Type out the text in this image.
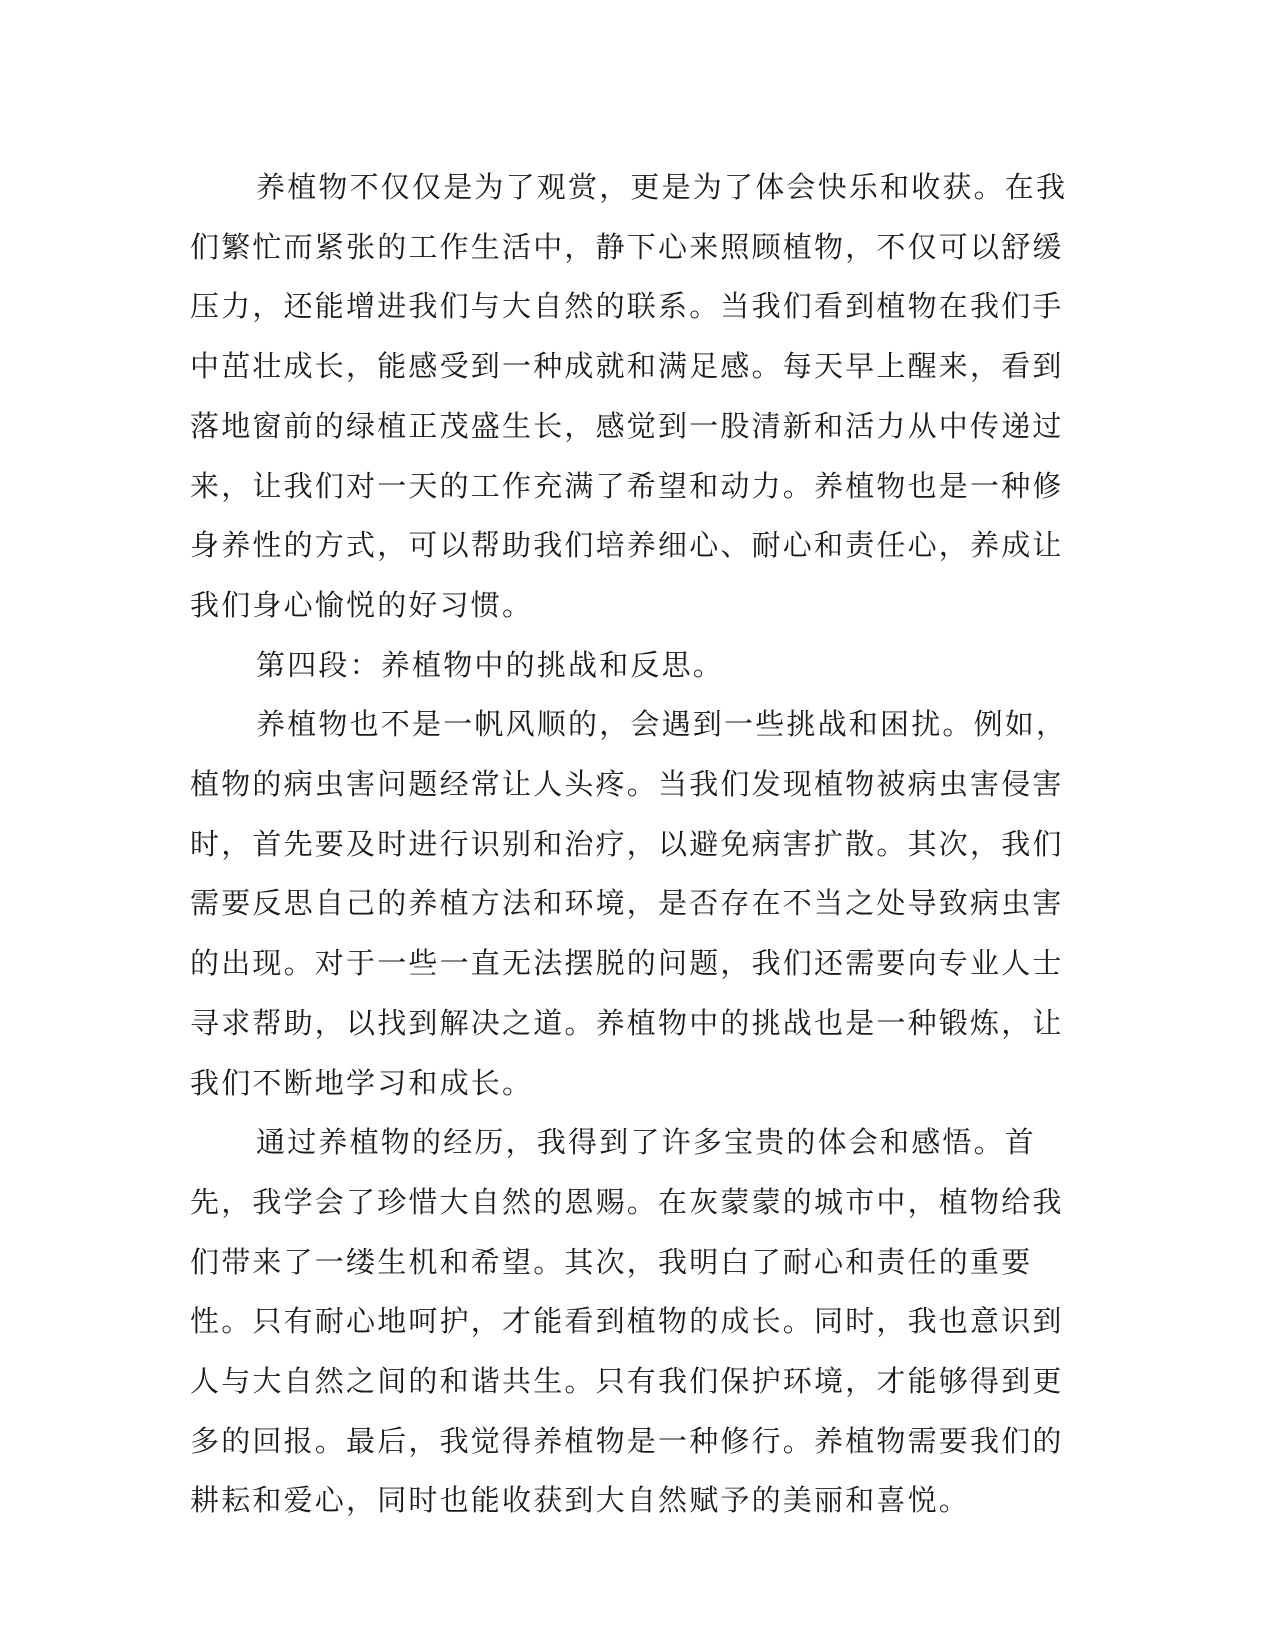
养植物不仅仅是为了观赏，更是为了体会快乐和收获。在我们繁忙而紧张的工作生活中，静下心来照顾植物，不仅可以舒缓压力，还能增进我们与大自然的联系。当我们看到植物在我们手中茁壮成长，能感受到一种成就和满足感。每天早上醒来，看到落地窗前的绿植正茂盛生长，感觉到一股清新和活力从中传递过来，让我们对一天的工作充满了希望和动力。养植物也是一种修身养性的方式，可以帮助我们培养细心、耐心和责任心，养成让我们身心愉悦的好习惯。

第四段：养植物中的挑战和反思。

养植物也不是一帆风顺的，会遇到一些挑战和困扰。例如，植物的病虫害问题经常让人头疼。当我们发现植物被病虫害侵害时，首先要及时进行识别和治疗，以避免病害扩散。其次，我们需要反思自己的养植方法和环境，是否存在不当之处导致病虫害的出现。对于一些一直无法摆脱的问题，我们还需要向专业人士寻求帮助，以找到解决之道。养植物中的挑战也是一种锻炼，让我们不断地学习和成长。

通过养植物的经历，我得到了许多宝贵的体会和感悟。首先，我学会了珍惜大自然的恩赐。在灰蒙蒙的城市中，植物给我们带来了一缕生机和希望。其次，我明白了耐心和责任的重要性。只有耐心地呵护，才能看到植物的成长。同时，我也意识到人与大自然之间的和谐共生。只有我们保护环境，才能够得到更多的回报。最后，我觉得养植物是一种修行。养植物需要我们的耕耘和爱心，同时也能收获到大自然赋予的美丽和喜悦。
